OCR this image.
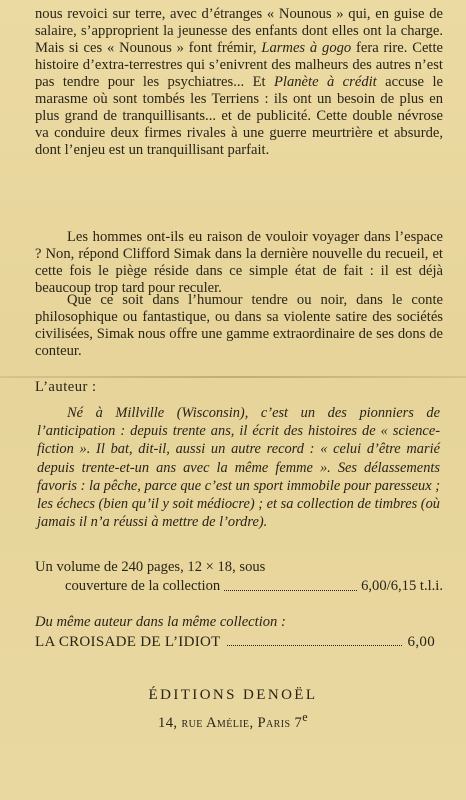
nous revoici sur terre, avec d’étranges « Nounous » qui, en guise de salaire, s’approprient la jeunesse des enfants dont elles ont la charge. Mais si ces « Nounous » font frémir, Larmes à gogo fera rire. Cette histoire d’extra-terrestres qui s’enivrent des malheurs des autres n’est pas tendre pour les psychiatres... Et Planète à crédit accuse le marasme où sont tombés les Terriens : ils ont un besoin de plus en plus grand de tranquillisants... et de publicité. Cette double névrose va conduire deux firmes rivales à une guerre meurtrière et absurde, dont l’enjeu est un tranquillisant parfait.

Les hommes ont-ils eu raison de vouloir voyager dans l’espace ? Non, répond Clifford Simak dans la dernière nouvelle du recueil, et cette fois le piège réside dans ce simple état de fait : il est déjà beaucoup trop tard pour reculer.

Que ce soit dans l’humour tendre ou noir, dans le conte philosophique ou fantastique, ou dans sa violente satire des sociétés civilisées, Simak nous offre une gamme extraordinaire de ses dons de conteur.

L’auteur :

Né à Millville (Wisconsin), c’est un des pionniers de l’anticipation : depuis trente ans, il écrit des histoires de « science-fiction ». Il bat, dit-il, aussi un autre record : « celui d’être marié depuis trente-et-un ans avec la même femme ». Ses délassements favoris : la pêche, parce que c’est un sport immobile pour paresseux ; les échecs (bien qu’il y soit médiocre) ; et sa collection de timbres (où jamais il n’a réussi à mettre de l’ordre).

Un volume de 240 pages, 12 × 18, sous
couverture de la collection	6,00/6,15 t.l.i.
Du même auteur dans la même collection :
LA CROISADE DE L’IDIOT	6,00
ÉDITIONS DENOËL
14, rue Amélie, Paris 7e
